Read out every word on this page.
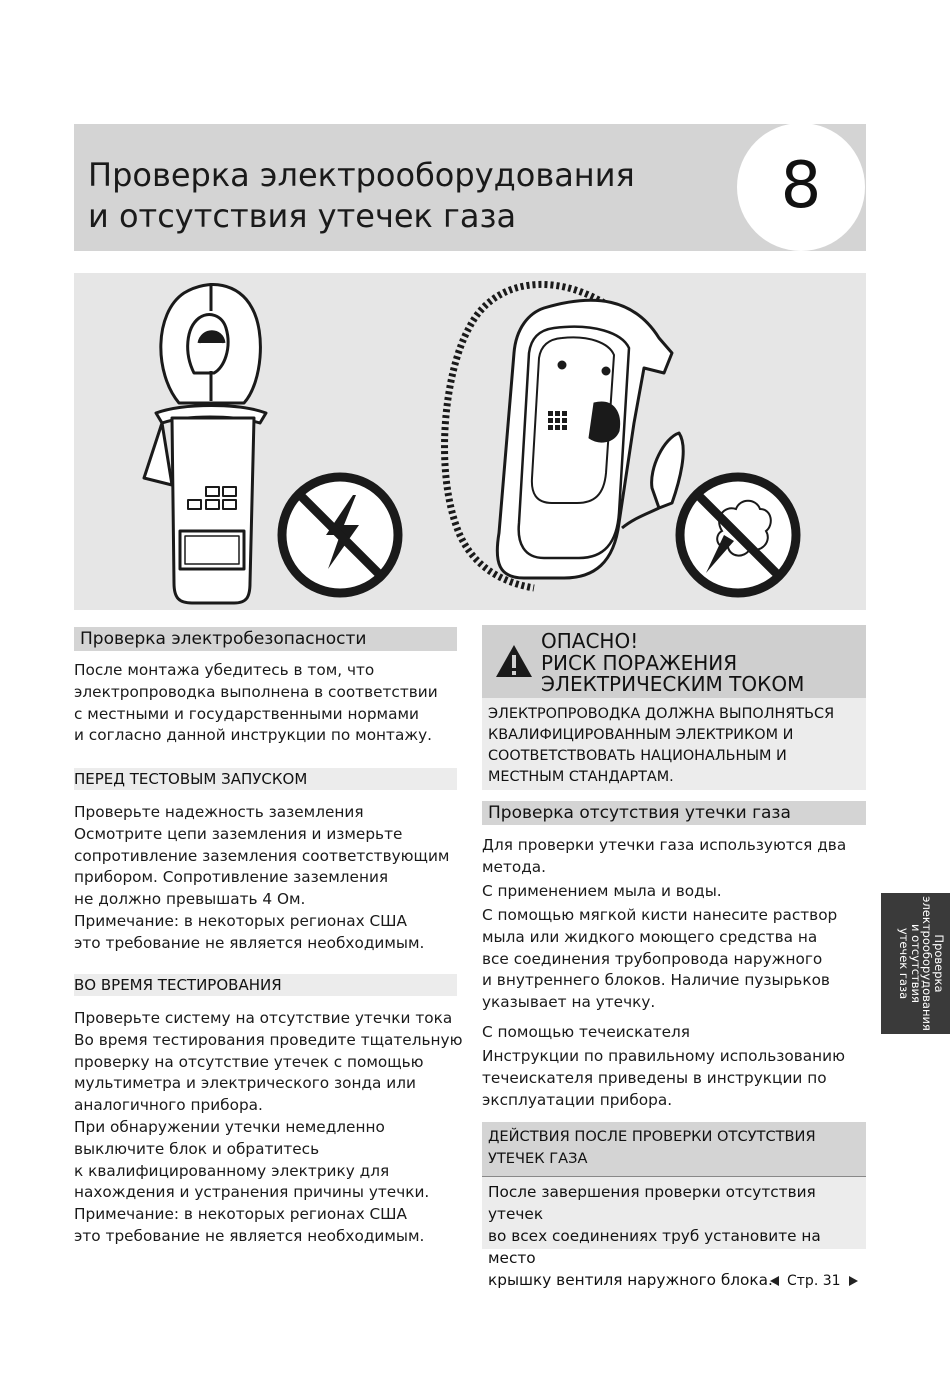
Проверка электрооборудования
и отсутствия утечек газа	8
Проверка электробезопасности

После монтажа убедитесь в том, что
электропроводка выполнена в соответствии
с местными и государственными нормами
и согласно данной инструкции по монтажу.

ПЕРЕД ТЕСТОВЫМ ЗАПУСКОМ

Проверьте надежность заземления
Осмотрите цепи заземления и измерьте
сопротивление заземления соответствующим
прибором. Сопротивление заземления
не должно превышать 4 Ом.
Примечание: в некоторых регионах США
это требование не является необходимым.

ВО ВРЕМЯ ТЕСТИРОВАНИЯ

Проверьте систему на отсутствие утечки тока
Во время тестирования проведите тщательную
проверку на отсутствие утечек с помощью
мультиметра и электрического зонда или
аналогичного прибора.
При обнаружении утечки немедленно
выключите блок и обратитесь
к квалифицированному электрику для
нахождения и устранения причины утечки.
Примечание: в некоторых регионах США
это требование не является необходимым.

ОПАСНО!
РИСК ПОРАЖЕНИЯ
ЭЛЕКТРИЧЕСКИМ ТОКОМ
ЭЛЕКТРОПРОВОДКА ДОЛЖНА ВЫПОЛНЯТЬСЯ
КВАЛИФИЦИРОВАННЫМ ЭЛЕКТРИКОМ И
СООТВЕТСТВОВАТЬ НАЦИОНАЛЬНЫМ И
МЕСТНЫМ СТАНДАРТАМ.
Проверка отсутствия утечки газа

Для проверки утечки газа используются два
метода.

С применением мыла и воды.

С помощью мягкой кисти нанесите раствор
мыла или жидкого моющего средства на
все соединения трубопровода наружного
и внутреннего блоков. Наличие пузырьков
указывает на утечку.

С помощью течеискателя

Инструкции по правильному использованию
течеискателя приведены в инструкции по
эксплуатации прибора.

ДЕЙСТВИЯ ПОСЛЕ ПРОВЕРКИ ОТСУТСТВИЯ
УТЕЧЕК ГАЗА
После завершения проверки отсутствия утечек
во всех соединениях труб установите на место
крышку вентиля наружного блока.
Проверка
электрооборудования
и отсутствия
утечек газа
Стр. 31
